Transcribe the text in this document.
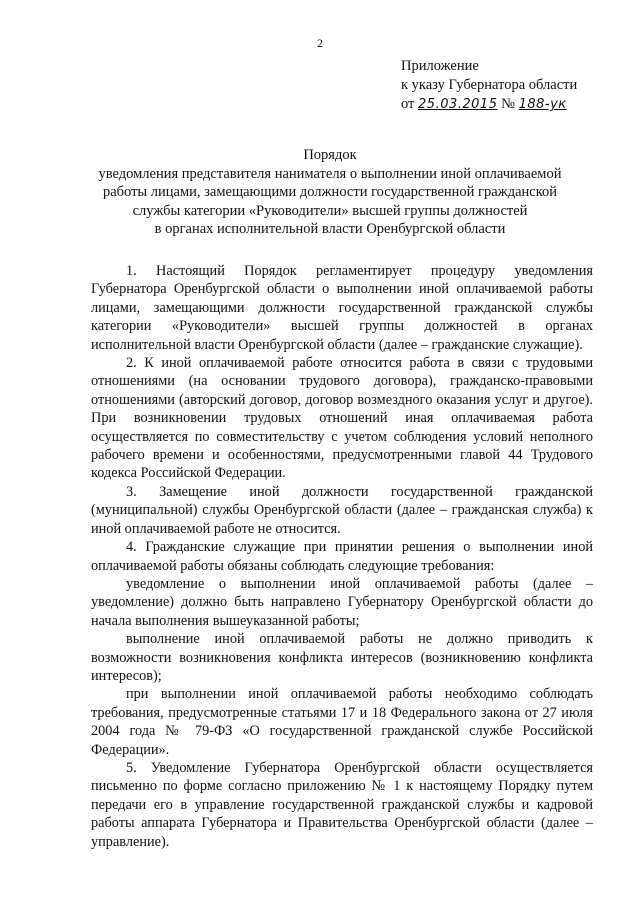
2
Приложение
к указу Губернатора области
от 25.03.2015 № 188-ук
Порядок
уведомления представителя нанимателя о выполнении иной оплачиваемой
работы лицами, замещающими должности государственной гражданской
службы категории «Руководители» высшей группы должностей
в органах исполнительной власти Оренбургской области

1. Настоящий Порядок регламентирует процедуру уведомления Губернатора Оренбургской области о выполнении иной оплачиваемой работы лицами, замещающими должности государственной гражданской службы категории «Руководители» высшей группы должностей в органах исполнительной власти Оренбургской области (далее – гражданские служащие).

2. К иной оплачиваемой работе относится работа в связи с трудовыми отношениями (на основании трудового договора), гражданско-правовыми отношениями (авторский договор, договор возмездного оказания услуг и другое). При возникновении трудовых отношений иная оплачиваемая работа осуществляется по совместительству с учетом соблюдения условий неполного рабочего времени и особенностями, предусмотренными главой 44 Трудового кодекса Российской Федерации.

3. Замещение иной должности государственной гражданской (муниципальной) службы Оренбургской области (далее – гражданская служба) к иной оплачиваемой работе не относится.

4. Гражданские служащие при принятии решения о выполнении иной оплачиваемой работы обязаны соблюдать следующие требования:

уведомление о выполнении иной оплачиваемой работы (далее – уведомление) должно быть направлено Губернатору Оренбургской области до начала выполнения вышеуказанной работы;

выполнение иной оплачиваемой работы не должно приводить к возможности возникновения конфликта интересов (возникновению конфликта интересов);

при выполнении иной оплачиваемой работы необходимо соблюдать требования, предусмотренные статьями 17 и 18 Федерального закона от 27 июля 2004 года № 79-ФЗ «О государственной гражданской службе Российской Федерации».

5. Уведомление Губернатора Оренбургской области осуществляется письменно по форме согласно приложению № 1 к настоящему Порядку путем передачи его в управление государственной гражданской службы и кадровой работы аппарата Губернатора и Правительства Оренбургской области (далее – управление).
